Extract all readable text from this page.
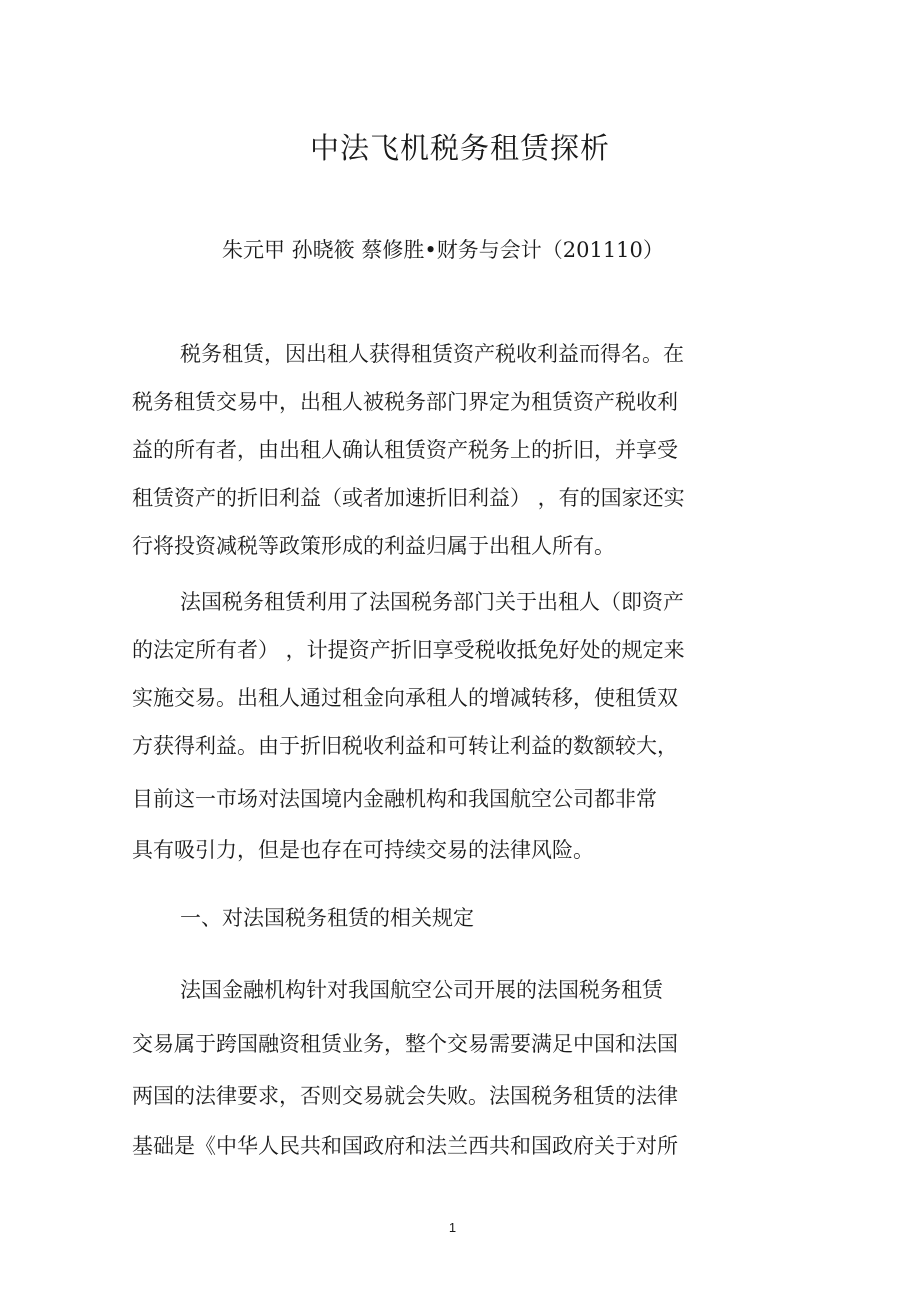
中法飞机税务租赁探析

朱元甲 孙晓筱 蔡修胜•财务与会计（201110）

税务租赁，因出租人获得租赁资产税收利益而得名。在

税务租赁交易中，出租人被税务部门界定为租赁资产税收利

益的所有者，由出租人确认租赁资产税务上的折旧，并享受

租赁资产的折旧利益（或者加速折旧利益） ，有的国家还实

行将投资减税等政策形成的利益归属于出租人所有。

法国税务租赁利用了法国税务部门关于出租人（即资产

的法定所有者） ，计提资产折旧享受税收抵免好处的规定来

实施交易。出租人通过租金向承租人的增减转移，使租赁双

方获得利益。由于折旧税收利益和可转让利益的数额较大，

目前这一市场对法国境内金融机构和我国航空公司都非常

具有吸引力，但是也存在可持续交易的法律风险。

一、对法国税务租赁的相关规定

法国金融机构针对我国航空公司开展的法国税务租赁

交易属于跨国融资租赁业务，整个交易需要满足中国和法国

两国的法律要求，否则交易就会失败。法国税务租赁的法律

基础是《中华人民共和国政府和法兰西共和国政府关于对所

1
